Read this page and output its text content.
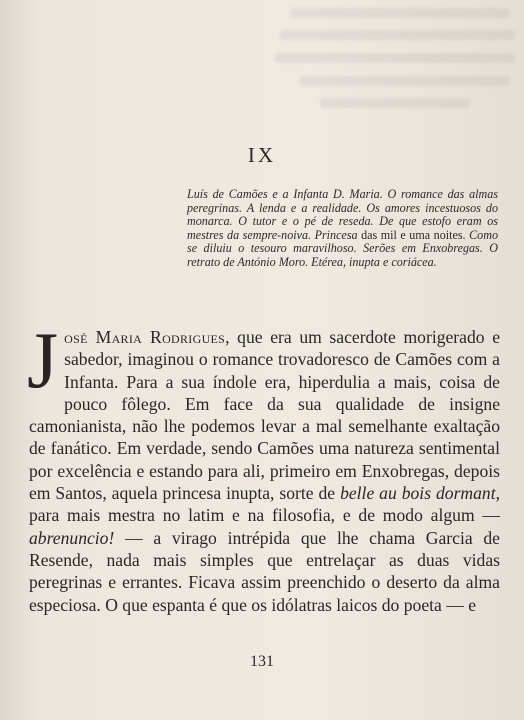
IX

Luís de Camões e a Infanta D. Maria. O romance das almas peregrinas. A lenda e a realidade. Os amores incestuosos do monarca. O tutor e o pé de reseda. De que estofo eram os mestres da sempre-noiva. Princesa das mil e uma noites. Como se diluiu o tesouro maravilhoso. Serões em Enxobregas. O retrato de António Moro. Etérea, inupta e coriácea.

José Maria Rodrigues, que era um sacerdote morigerado e sabedor, imaginou o romance trovadoresco de Camões com a Infanta. Para a sua índole era, hiperdulia a mais, coisa de pouco fôlego. Em face da sua qualidade de insigne camonianista, não lhe podemos levar a mal semelhante exaltação de fanático. Em verdade, sendo Camões uma natureza sentimental por excelência e estando para ali, primeiro em Enxobregas, depois em Santos, aquela princesa inupta, sorte de belle au bois dormant, para mais mestra no latim e na filosofia, e de modo algum — abrenuncio! — a virago intrépida que lhe chama Garcia de Resende, nada mais simples que entrelaçar as duas vidas peregrinas e errantes. Ficava assim preenchido o deserto da alma especiosa. O que espanta é que os idólatras laicos do poeta — e

131
